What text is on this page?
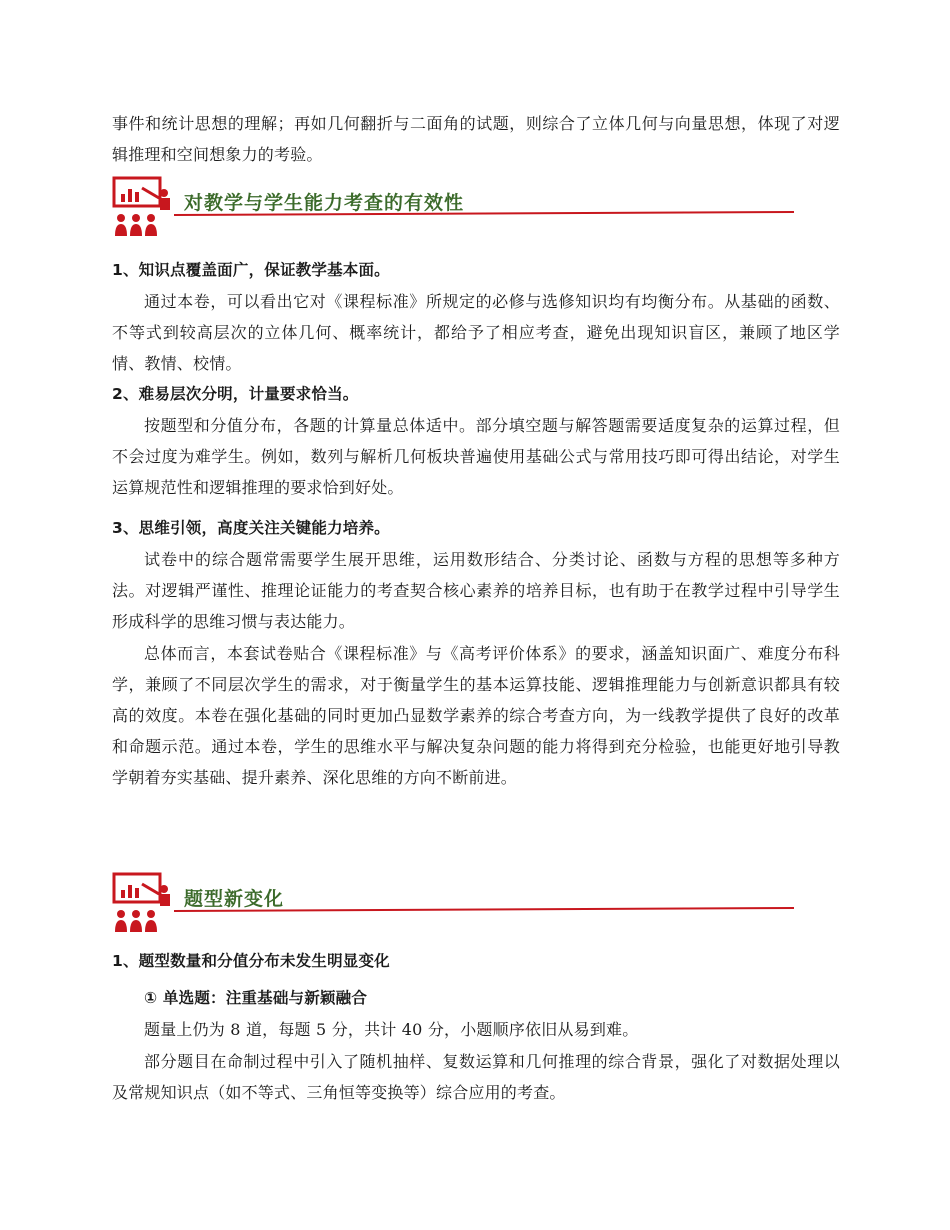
事件和统计思想的理解；再如几何翻折与二面角的试题，则综合了立体几何与向量思想，体现了对逻辑推理和空间想象力的考验。

对教学与学生能力考查的有效性

1、知识点覆盖面广，保证教学基本面。

通过本卷，可以看出它对《课程标准》所规定的必修与选修知识均有均衡分布。从基础的函数、不等式到较高层次的立体几何、概率统计，都给予了相应考查，避免出现知识盲区，兼顾了地区学情、教情、校情。

2、难易层次分明，计量要求恰当。

按题型和分值分布，各题的计算量总体适中。部分填空题与解答题需要适度复杂的运算过程，但不会过度为难学生。例如，数列与解析几何板块普遍使用基础公式与常用技巧即可得出结论，对学生运算规范性和逻辑推理的要求恰到好处。

3、思维引领，高度关注关键能力培养。

试卷中的综合题常需要学生展开思维，运用数形结合、分类讨论、函数与方程的思想等多种方法。对逻辑严谨性、推理论证能力的考查契合核心素养的培养目标，也有助于在教学过程中引导学生形成科学的思维习惯与表达能力。

总体而言，本套试卷贴合《课程标准》与《高考评价体系》的要求，涵盖知识面广、难度分布科学，兼顾了不同层次学生的需求，对于衡量学生的基本运算技能、逻辑推理能力与创新意识都具有较高的效度。本卷在强化基础的同时更加凸显数学素养的综合考查方向，为一线教学提供了良好的改革和命题示范。通过本卷，学生的思维水平与解决复杂问题的能力将得到充分检验，也能更好地引导教学朝着夯实基础、提升素养、深化思维的方向不断前进。

题型新变化

1、题型数量和分值分布未发生明显变化

① 单选题：注重基础与新颖融合

题量上仍为 8 道，每题 5 分，共计 40 分，小题顺序依旧从易到难。

部分题目在命制过程中引入了随机抽样、复数运算和几何推理的综合背景，强化了对数据处理以及常规知识点（如不等式、三角恒等变换等）综合应用的考查。
